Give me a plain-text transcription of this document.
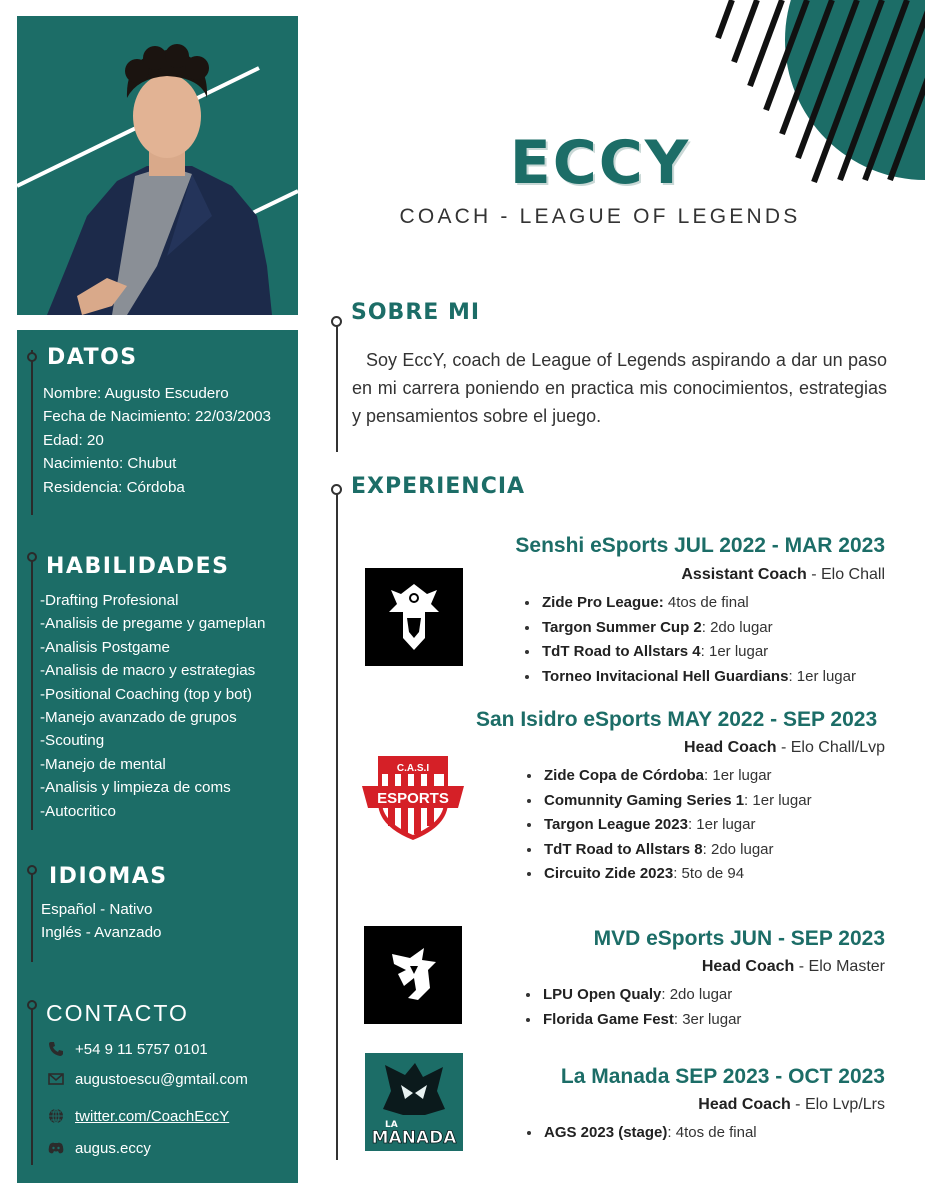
DATOS
Nombre: Augusto Escudero
Fecha de Nacimiento: 22/03/2003
Edad: 20
Nacimiento: Chubut
Residencia: Córdoba
HABILIDADES
-Drafting Profesional
-Analisis de pregame y gameplan
-Analisis Postgame
-Analisis de macro y estrategias
-Positional Coaching (top y bot)
-Manejo avanzado de grupos
-Scouting
-Manejo de mental
-Analisis y limpieza de coms
-Autocritico
IDIOMAS
Español - Nativo
Inglés - Avanzado
CONTACTO
+54 9 11 5757 0101
augustoescu@gmtail.com
twitter.com/CoachEccY
augus.eccy
ECCY
COACH - LEAGUE OF LEGENDS
SOBRE MI

Soy EccY, coach de League of Legends aspirando a dar un paso en mi carrera poniendo en practica mis conocimientos, estrategias y pensamientos sobre el juego.

EXPERIENCIA
Senshi eSports JUL 2022 - MAR 2023
Assistant Coach - Elo Chall
• Zide Pro League: 4tos de final
• Targon Summer Cup 2: 2do lugar
• TdT Road to Allstars 4: 1er lugar
• Torneo Invitacional Hell Guardians: 1er lugar
C.A.S.I
ESPORTS
San Isidro eSports MAY 2022 - SEP 2023
Head Coach - Elo Chall/Lvp
• Zide Copa de Córdoba: 1er lugar
• Comunnity Gaming Series 1: 1er lugar
• Targon League 2023: 1er lugar
• TdT Road to Allstars 8: 2do lugar
• Circuito Zide 2023: 5to de 94
MVD eSports JUN - SEP 2023
Head Coach - Elo Master
• LPU Open Qualy: 2do lugar
• Florida Game Fest: 3er lugar
LA
MANADA
La Manada SEP 2023 - OCT 2023
Head Coach - Elo Lvp/Lrs
• AGS 2023 (stage): 4tos de final
